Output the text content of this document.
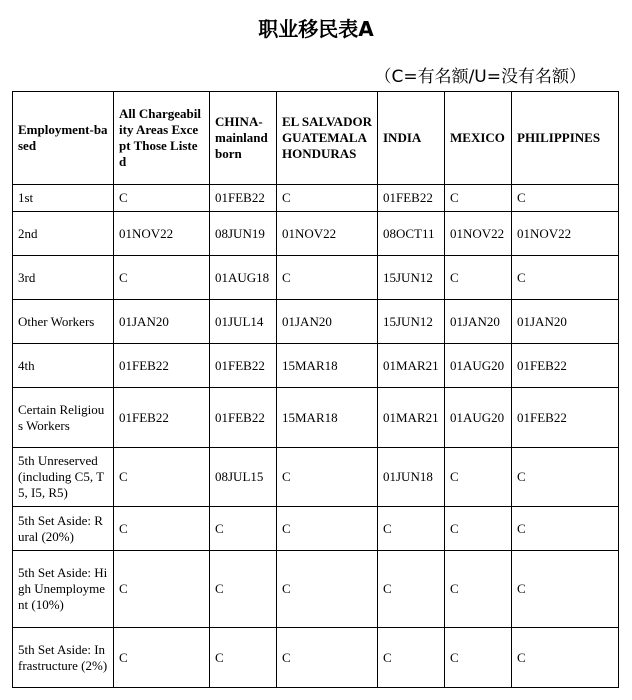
职业移民表A
（C=有名额/U=没有名额）
Employment-based	All Chargeability Areas Except Those Listed	CHINA-mainland born	EL SALVADOR GUATEMALA HONDURAS	INDIA	MEXICO	PHILIPPINES
1st	C	01FEB22	C	01FEB22	C	C
2nd	01NOV22	08JUN19	01NOV22	08OCT11	01NOV22	01NOV22
3rd	C	01AUG18	C	15JUN12	C	C
Other Workers	01JAN20	01JUL14	01JAN20	15JUN12	01JAN20	01JAN20
4th	01FEB22	01FEB22	15MAR18	01MAR21	01AUG20	01FEB22
Certain Religious Workers	01FEB22	01FEB22	15MAR18	01MAR21	01AUG20	01FEB22
5th Unreserved (including C5, T5, I5, R5)	C	08JUL15	C	01JUN18	C	C
5th Set Aside: Rural (20%)	C	C	C	C	C	C
5th Set Aside: High Unemployment (10%)	C	C	C	C	C	C
5th Set Aside: Infrastructure (2%)	C	C	C	C	C	C
